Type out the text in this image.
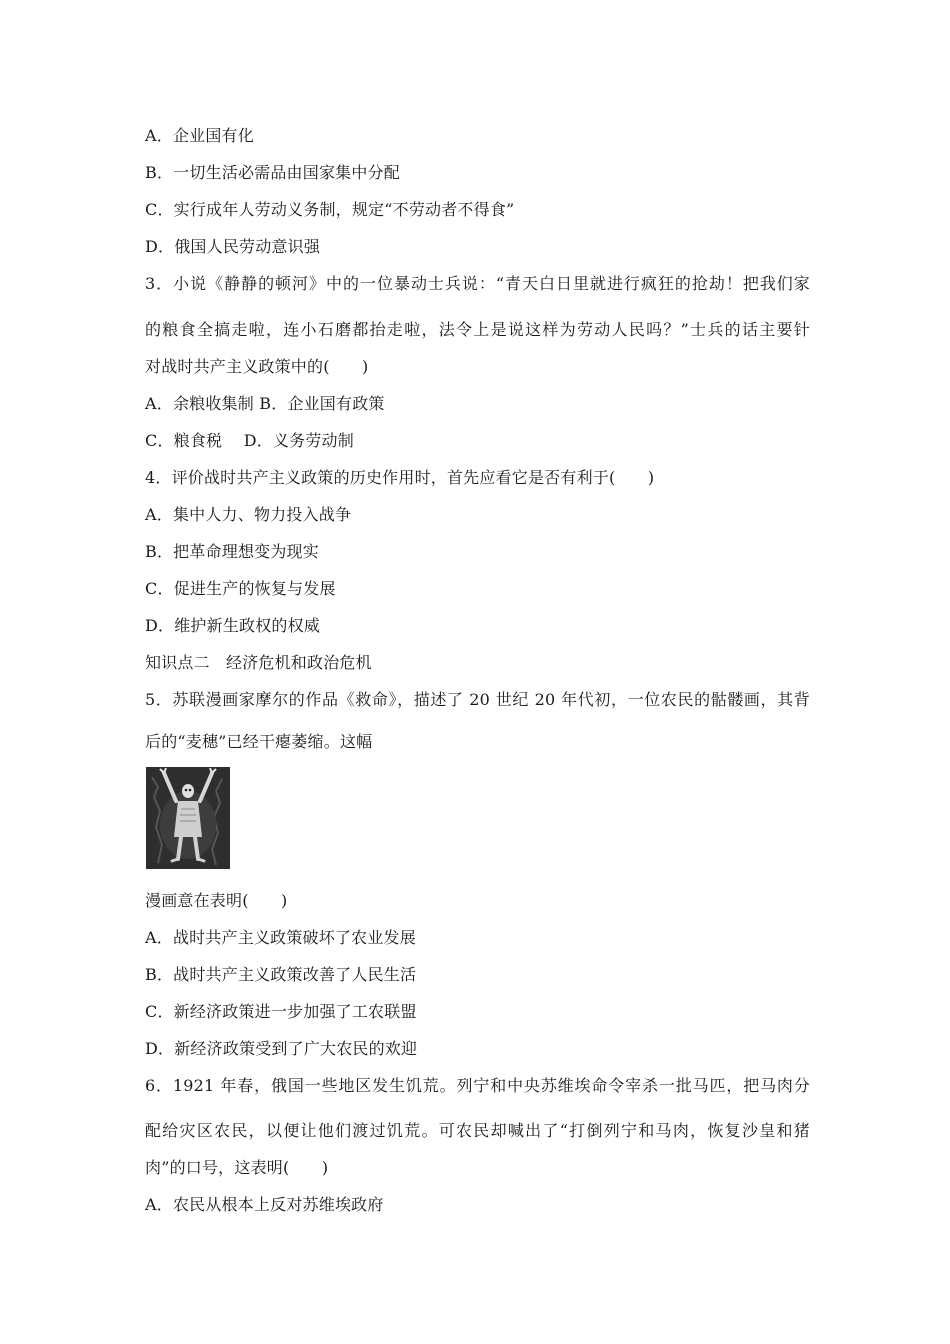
A．企业国有化
B．一切生活必需品由国家集中分配
C．实行成年人劳动义务制，规定“不劳动者不得食”
D．俄国人民劳动意识强
3．小说《静静的顿河》中的一位暴动士兵说：“青天白日里就进行疯狂的抢劫！把我们家
的粮食全搞走啦，连小石磨都抬走啦，法令上是说这样为劳动人民吗？”士兵的话主要针
对战时共产主义政策中的(　　)
A．余粮收集制 B．企业国有政策
C．粮食税　 D．义务劳动制
4．评价战时共产主义政策的历史作用时，首先应看它是否有利于(　　)
A．集中人力、物力投入战争
B．把革命理想变为现实
C．促进生产的恢复与发展
D．维护新生政权的权威
知识点二　经济危机和政治危机
5．苏联漫画家摩尔的作品《救命》，描述了 20 世纪 20 年代初，一位农民的骷髅画，其背
后的“麦穗”已经干瘪萎缩。这幅
漫画意在表明(　　)
A．战时共产主义政策破坏了农业发展
B．战时共产主义政策改善了人民生活
C．新经济政策进一步加强了工农联盟
D．新经济政策受到了广大农民的欢迎
6．1921 年春，俄国一些地区发生饥荒。列宁和中央苏维埃命令宰杀一批马匹，把马肉分
配给灾区农民，以便让他们渡过饥荒。可农民却喊出了“打倒列宁和马肉，恢复沙皇和猪
肉”的口号，这表明(　　)
A．农民从根本上反对苏维埃政府
